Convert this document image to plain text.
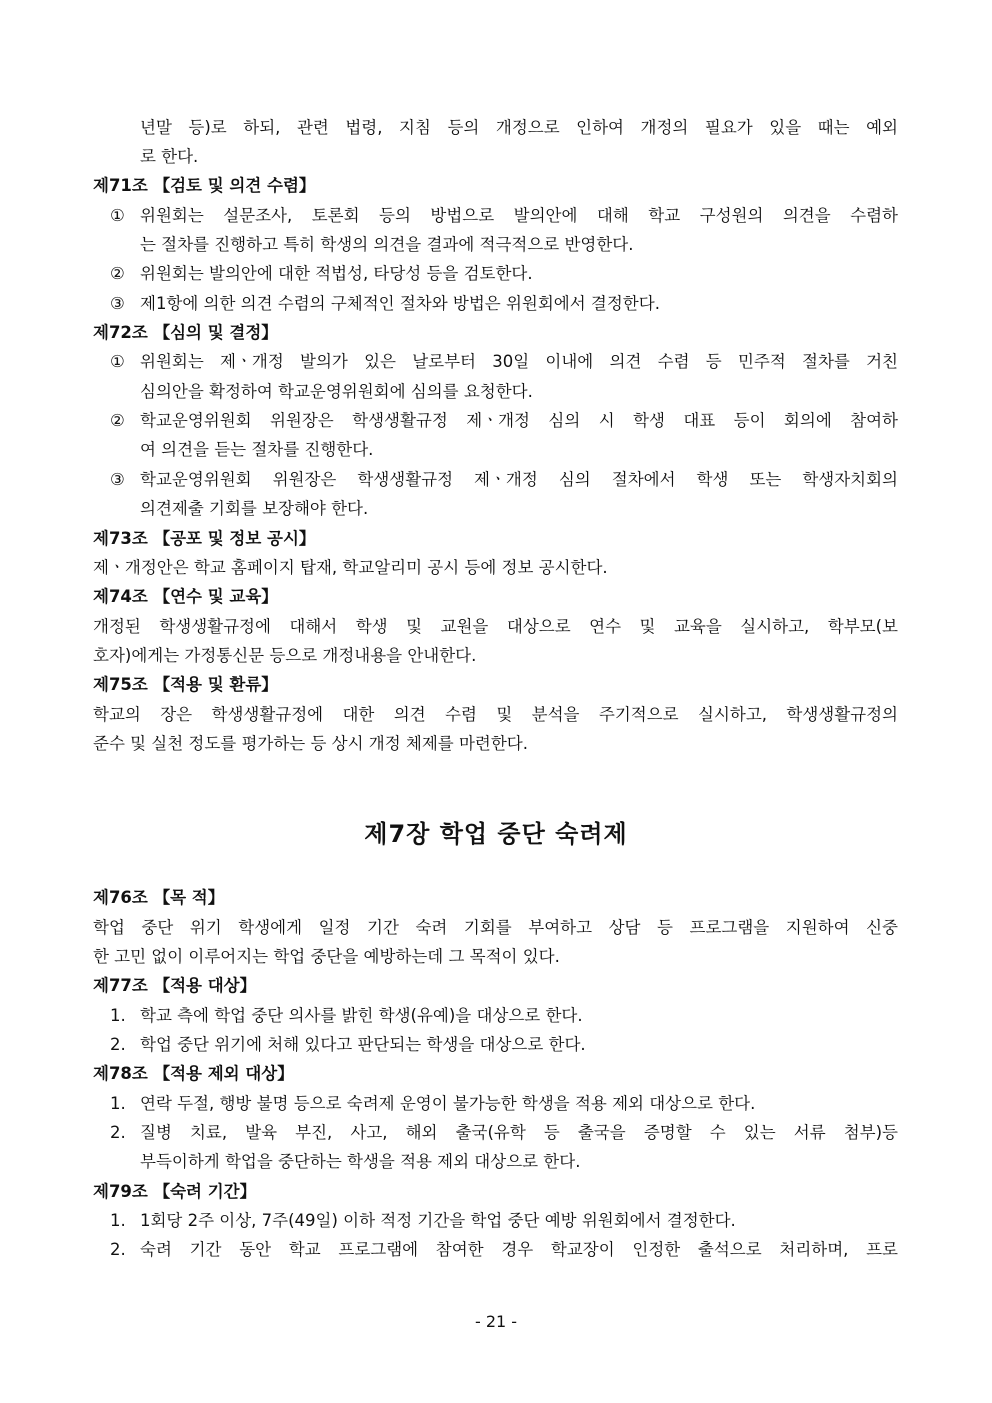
년말 등)로 하되, 관련 법령, 지침 등의 개정으로 인하여 개정의 필요가 있을 때는 예외
로 한다.
제71조 【검토 및 의견 수렴】
① 위원회는 설문조사, 토론회 등의 방법으로 발의안에 대해 학교 구성원의 의견을 수렴하
는 절차를 진행하고 특히 학생의 의견을 결과에 적극적으로 반영한다.
② 위원회는 발의안에 대한 적법성, 타당성 등을 검토한다.
③ 제1항에 의한 의견 수렴의 구체적인 절차와 방법은 위원회에서 결정한다.
제72조 【심의 및 결정】
① 위원회는 제ㆍ개정 발의가 있은 날로부터 30일 이내에 의견 수렴 등 민주적 절차를 거친
심의안을 확정하여 학교운영위원회에 심의를 요청한다.
② 학교운영위원회 위원장은 학생생활규정 제ㆍ개정 심의 시 학생 대표 등이 회의에 참여하
여 의견을 듣는 절차를 진행한다.
③ 학교운영위원회 위원장은 학생생활규정 제ㆍ개정 심의 절차에서 학생 또는 학생자치회의
의견제출 기회를 보장해야 한다.
제73조 【공포 및 정보 공시】
제ㆍ개정안은 학교 홈페이지 탑재, 학교알리미 공시 등에 정보 공시한다.
제74조 【연수 및 교육】
개정된 학생생활규정에 대해서 학생 및 교원을 대상으로 연수 및 교육을 실시하고, 학부모(보
호자)에게는 가정통신문 등으로 개정내용을 안내한다.
제75조 【적용 및 환류】
학교의 장은 학생생활규정에 대한 의견 수렴 및 분석을 주기적으로 실시하고, 학생생활규정의
준수 및 실천 정도를 평가하는 등 상시 개정 체제를 마련한다.
제7장 학업 중단 숙려제
제76조 【목 적】
학업 중단 위기 학생에게 일정 기간 숙려 기회를 부여하고 상담 등 프로그램을 지원하여 신중
한 고민 없이 이루어지는 학업 중단을 예방하는데 그 목적이 있다.
제77조 【적용 대상】
1. 학교 측에 학업 중단 의사를 밝힌 학생(유예)을 대상으로 한다.
2. 학업 중단 위기에 처해 있다고 판단되는 학생을 대상으로 한다.
제78조 【적용 제외 대상】
1. 연락 두절, 행방 불명 등으로 숙려제 운영이 불가능한 학생을 적용 제외 대상으로 한다.
2. 질병 치료, 발육 부진, 사고, 해외 출국(유학 등 출국을 증명할 수 있는 서류 첨부)등
부득이하게 학업을 중단하는 학생을 적용 제외 대상으로 한다.
제79조 【숙려 기간】
1. 1회당 2주 이상, 7주(49일) 이하 적정 기간을 학업 중단 예방 위원회에서 결정한다.
2. 숙려 기간 동안 학교 프로그램에 참여한 경우 학교장이 인정한 출석으로 처리하며, 프로
- 21 -
